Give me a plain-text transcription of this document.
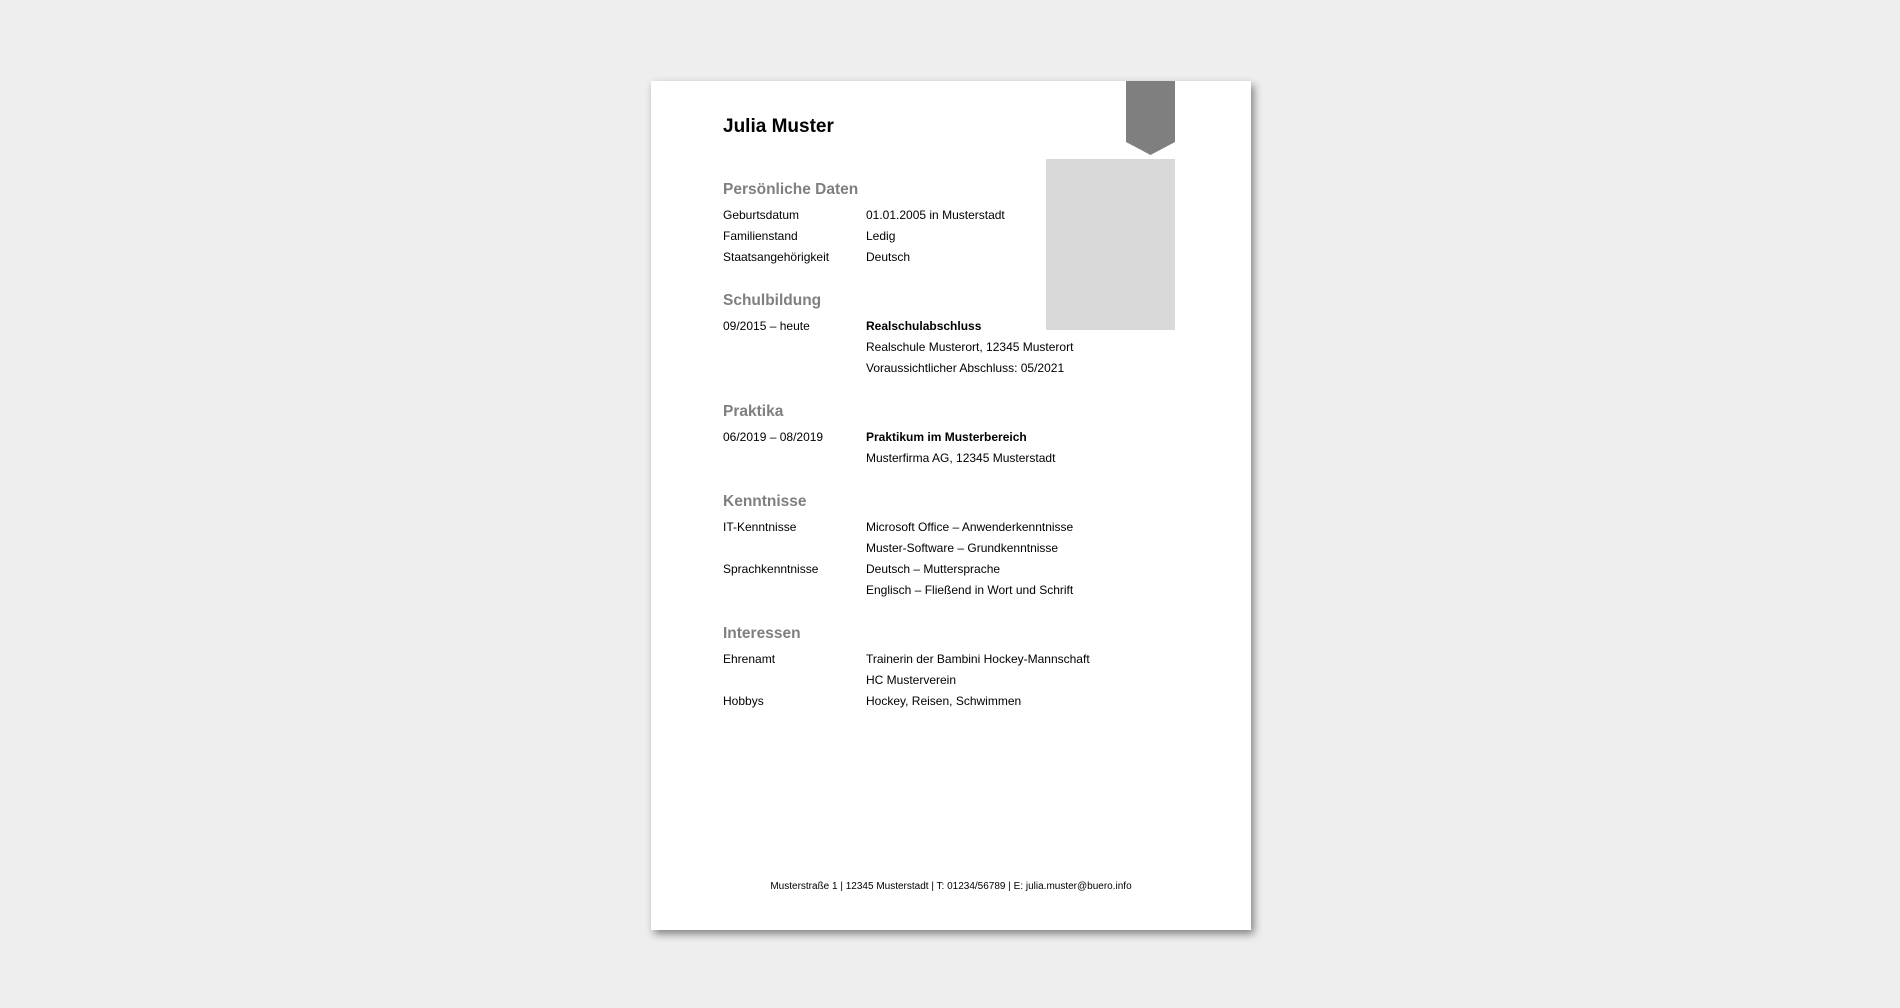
Julia Muster
Persönliche Daten
Geburtsdatum	01.01.2005 in Musterstadt
Familienstand	Ledig
Staatsangehörigkeit	Deutsch
Schulbildung
09/2015 – heute	Realschulabschluss
Realschule Musterort, 12345 Musterort
Voraussichtlicher Abschluss: 05/2021
Praktika
06/2019 – 08/2019	Praktikum im Musterbereich
Musterfirma AG, 12345 Musterstadt
Kenntnisse
IT-Kenntnisse	Microsoft Office – Anwenderkenntnisse
Muster-Software – Grundkenntnisse
Sprachkenntnisse	Deutsch – Muttersprache
Englisch – Fließend in Wort und Schrift
Interessen
Ehrenamt	Trainerin der Bambini Hockey-Mannschaft
HC Musterverein
Hobbys	Hockey, Reisen, Schwimmen
Musterstraße 1 | 12345 Musterstadt | T: 01234/56789 | E: julia.muster@buero.info
